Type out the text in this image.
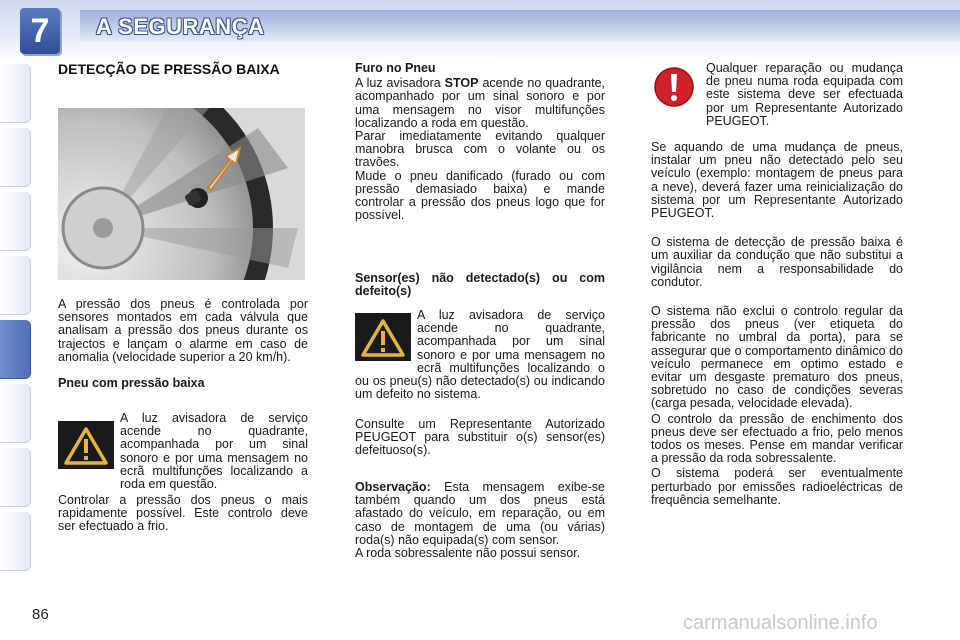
7	A SEGURANÇA

DETECÇÃO DE PRESSÃO BAIXA

A pressão dos pneus é controlada por sensores montados em cada válvula que analisam a pressão dos pneus durante os trajectos e lançam o alarme em caso de anomalia (velocidade superior a 20 km/h).

Pneu com pressão baixa

A luz avisadora de serviço acende no quadrante, acompanhada por um sinal sonoro e por uma mensagem no ecrã multifunções localizando a roda em questão.

Controlar a pressão dos pneus o mais rapidamente possível. Este controlo deve ser efectuado a frio.

Furo no Pneu

A luz avisadora STOP acende no quadrante, acompanhado por um sinal sonoro e por uma mensagem no visor multifunções localizando a roda em questão.

Parar imediatamente evitando qualquer manobra brusca com o volante ou os travões.

Mude o pneu danificado (furado ou com pressão demasiado baixa) e mande controlar a pressão dos pneus logo que for possível.

Sensor(es) não detectado(s) ou com defeito(s)

A luz avisadora de serviço acende no quadrante, acompanhada por um sinal sonoro e por uma mensagem no ecrã multifunções localizando o ou os pneu(s) não detectado(s) ou indicando um defeito no sistema.

Consulte um Representante Autorizado PEUGEOT para substituir o(s) sensor(es) defeituoso(s).

Observação: Esta mensagem exibe-se também quando um dos pneus está afastado do veículo, em reparação, ou em caso de montagem de uma (ou várias) roda(s) não equipada(s) com sensor.

A roda sobressalente não possui sensor.

Qualquer reparação ou mudança de pneu numa roda equipada com este sistema deve ser efectuada por um Representante Autorizado PEUGEOT.

Se aquando de uma mudança de pneus, instalar um pneu não detectado pelo seu veículo (exemplo: montagem de pneus para a neve), deverá fazer uma reinicialização do sistema por um Representante Autorizado PEUGEOT.

O sistema de detecção de pressão baixa é um auxiliar da condução que não substitui a vigilância nem a responsabilidade do condutor.

O sistema não exclui o controlo regular da pressão dos pneus (ver etiqueta do fabricante no umbral da porta), para se assegurar que o comportamento dinâmico do veículo permanece em optimo estado e evitar um desgaste prematuro dos pneus, sobretudo no caso de condições severas (carga pesada, velocidade elevada).

O controlo da pressão de enchimento dos pneus deve ser efectuado a frio, pelo menos todos os meses. Pense em mandar verificar a pressão da roda sobressalente.

O sistema poderá ser eventualmente perturbado por emissões radioeléctricas de frequência semelhante.

86	carmanualsonline.info
